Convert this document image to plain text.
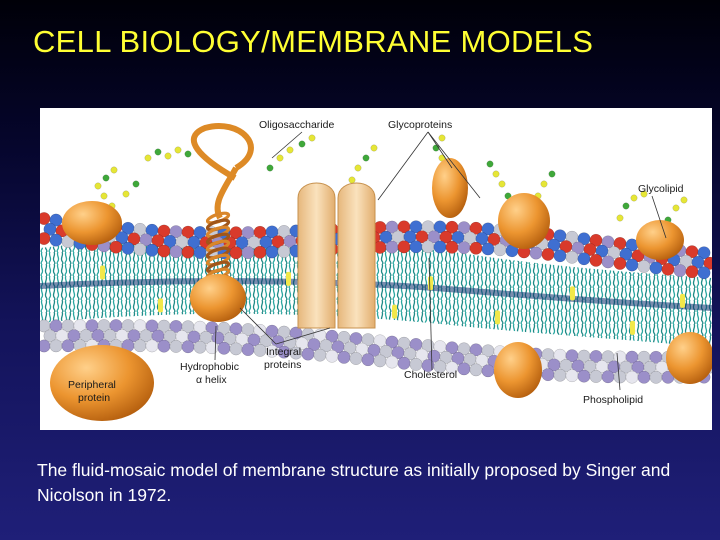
CELL BIOLOGY/MEMBRANE MODELS
Oligosaccharide	Glycoproteins
Glycolipid
Hydrophobic
α helix
Integral
proteins
Cholesterol
Phospholipid
Peripheral
protein
The fluid-mosaic model of membrane structure as initially proposed by Singer and Nicolson in 1972.
